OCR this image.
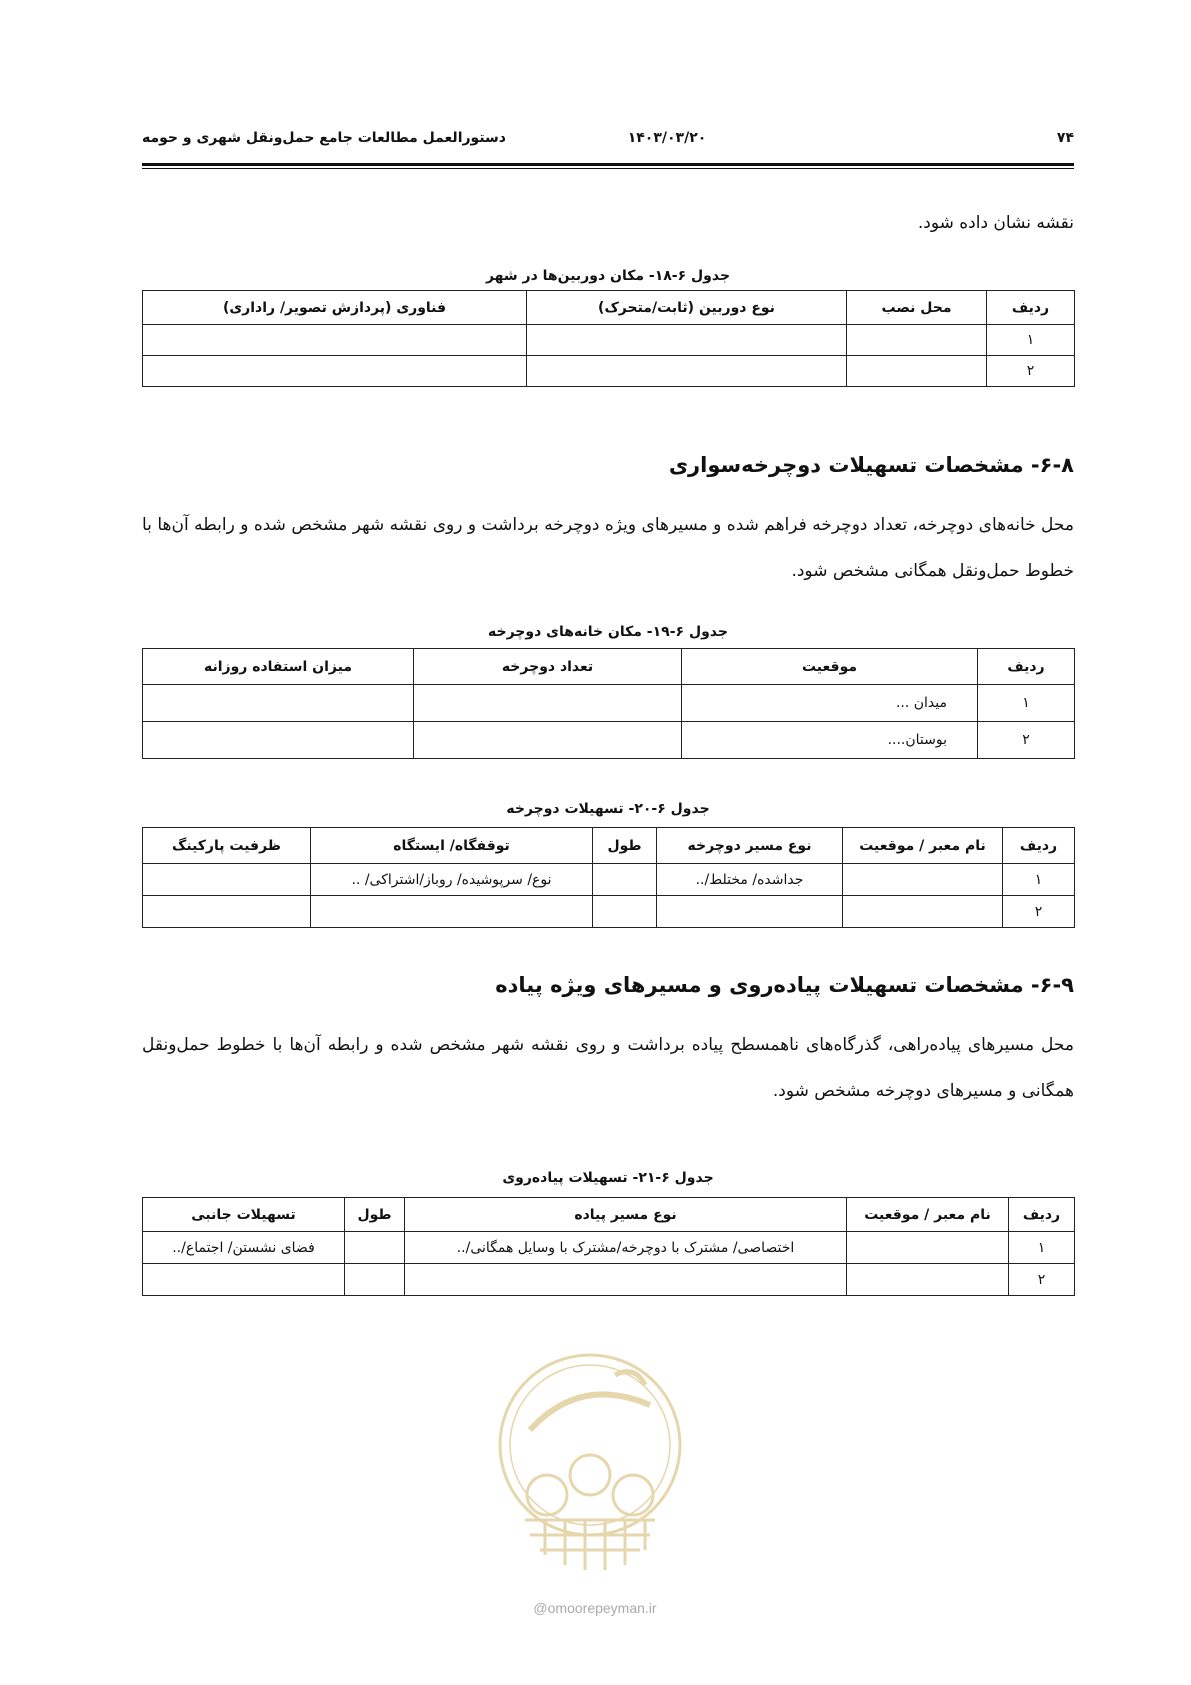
۷۴
۱۴۰۳/۰۳/۲۰
دستورالعمل مطالعات جامع حمل‌ونقل شهری و حومه
نقشه نشان داده شود.
جدول ۶-۱۸- مکان دوربین‌ها در شهر
ردیف	محل نصب	نوع دوربین (ثابت/متحرک)	فناوری (پردازش تصویر/ راداری)
۱			
۲			
۶-۸- مشخصات تسهیلات دوچرخه‌سواری
محل خانه‌های دوچرخه، تعداد دوچرخه فراهم شده و مسیرهای ویژه دوچرخه برداشت و روی نقشه شهر مشخص شده و رابطه آن‌ها با خطوط حمل‌ونقل همگانی مشخص شود.
جدول ۶-۱۹- مکان خانه‌های دوچرخه
ردیف	موقعیت	تعداد دوچرخه	میزان استفاده روزانه
۱	میدان ...		
۲	بوستان....		
جدول ۶-۲۰- تسهیلات دوچرخه
ردیف	نام معبر / موقعیت	نوع مسیر دوچرخه	طول	توقفگاه/ ایستگاه	ظرفیت پارکینگ
۱		جداشده/ مختلط/..		نوع/ سرپوشیده/ روباز/اشتراکی/ ..	
۲					
۶-۹- مشخصات تسهیلات پیاده‌روی و مسیرهای ویژه پیاده
محل مسیرهای پیاده‌راهی، گذرگاه‌های ناهمسطح پیاده برداشت و روی نقشه شهر مشخص شده و رابطه آن‌ها با خطوط حمل‌ونقل همگانی و مسیرهای دوچرخه مشخص شود.
جدول ۶-۲۱- تسهیلات پیاده‌روی
ردیف	نام معبر / موقعیت	نوع مسیر پیاده	طول	تسهیلات جانبی
۱		اختصاصی/ مشترک با دوچرخه/مشترک با وسایل همگانی/..		فضای نشستن/ اجتماع/..
۲				
@omoorepeyman.ir
